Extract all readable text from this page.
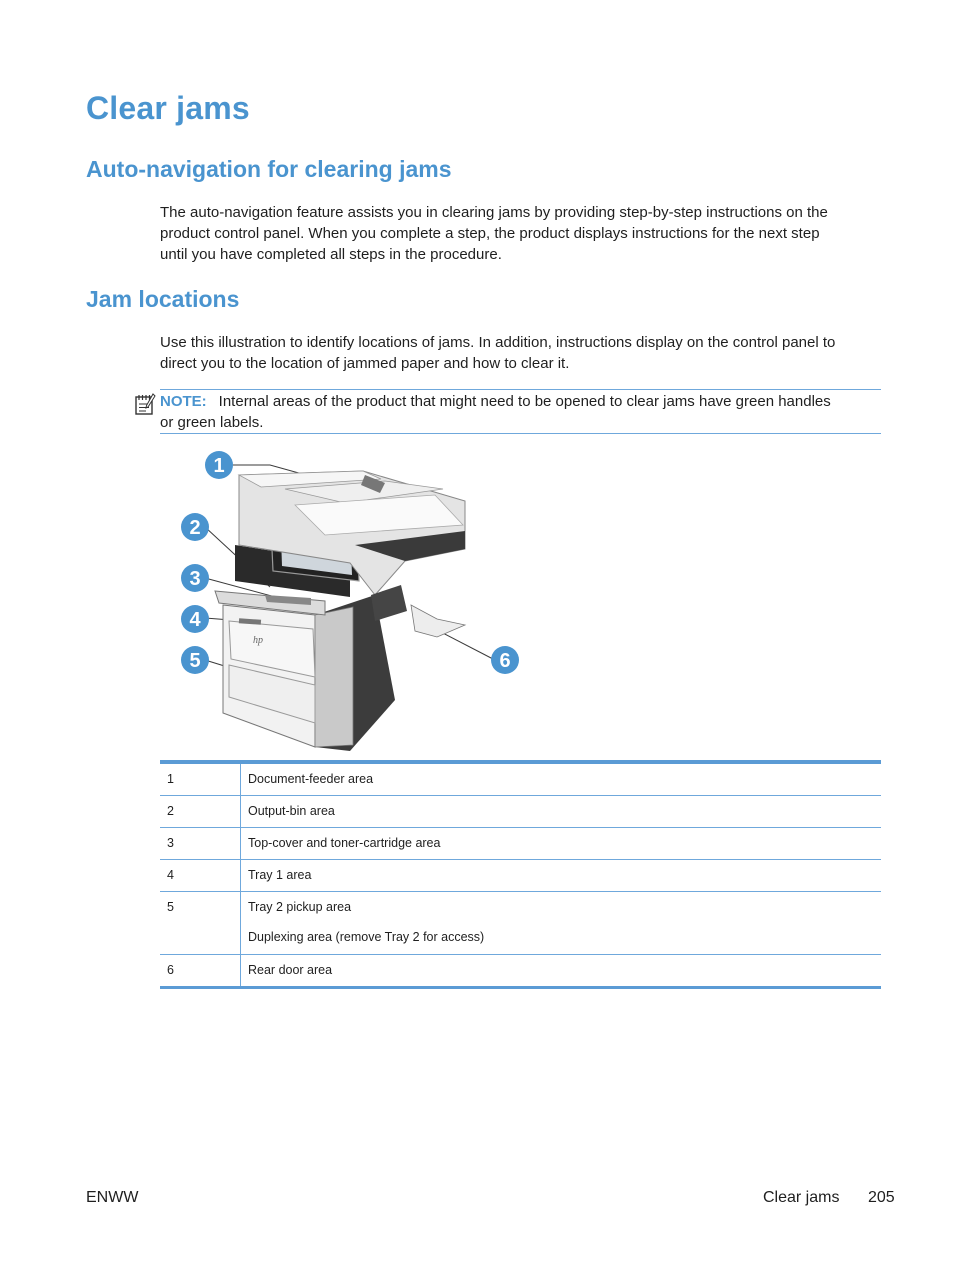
Clear jams
Auto-navigation for clearing jams

The auto-navigation feature assists you in clearing jams by providing step-by-step instructions on the
product control panel. When you complete a step, the product displays instructions for the next step
until you have completed all steps in the procedure.

Jam locations

Use this illustration to identify locations of jams. In addition, instructions display on the control panel to
direct you to the location of jammed paper and how to clear it.

NOTE: Internal areas of the product that might need to be opened to clear jams have green handles
or green labels.

hp
1
2
3
4
5	6
1	Document-feeder area

2	Output-bin area

3	Top-cover and toner-cartridge area

4	Tray 1 area

5	Tray 2 pickup area
Duplexing area (remove Tray 2 for access)

6	Rear door area
ENWW	Clear jams 205
